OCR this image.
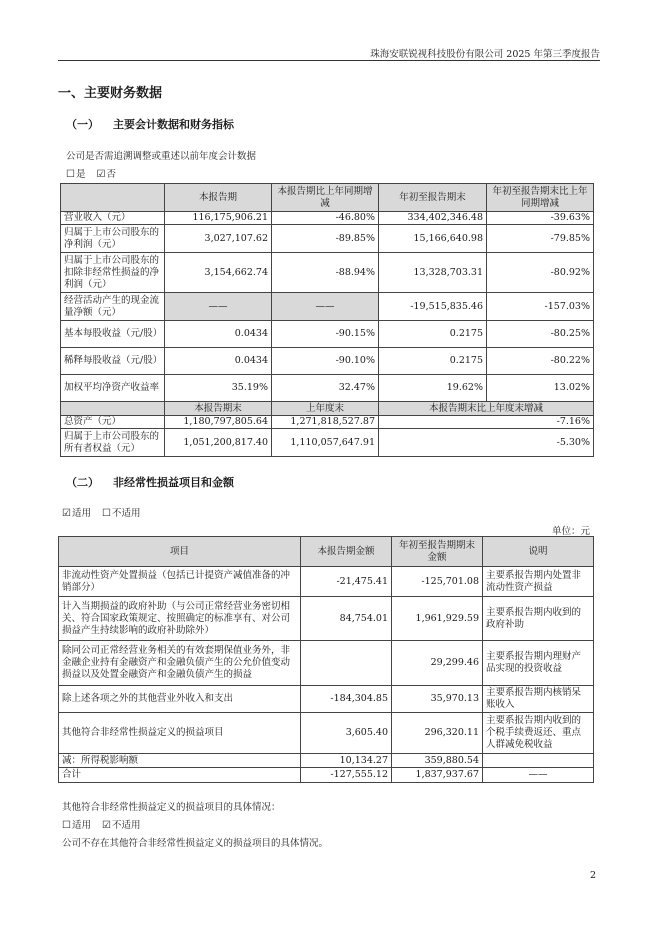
珠海安联锐视科技股份有限公司 2025 年第三季度报告
一、主要财务数据
（一） 主要会计数据和财务指标
公司是否需追溯调整或重述以前年度会计数据
☐是 ☑否
	本报告期	本报告期比上年同期增减	年初至报告期末	年初至报告期末比上年同期增减
营业收入（元）	116,175,906.21	-46.80%	334,402,346.48	-39.63%
归属于上市公司股东的净利润（元）	3,027,107.62	-89.85%	15,166,640.98	-79.85%
归属于上市公司股东的扣除非经常性损益的净利润（元）	3,154,662.74	-88.94%	13,328,703.31	-80.92%
经营活动产生的现金流量净额（元）	——	——	-19,515,835.46	-157.03%
基本每股收益（元/股）	0.0434	-90.15%	0.2175	-80.25%
稀释每股收益（元/股）	0.0434	-90.10%	0.2175	-80.22%
加权平均净资产收益率	35.19%	32.47%	19.62%	13.02%
	本报告期末	上年度末	本报告期末比上年度末增减	
总资产（元）	1,180,797,805.64	1,271,818,527.87	-7.16%	
归属于上市公司股东的所有者权益（元）	1,051,200,817.40	1,110,057,647.91	-5.30%	
（二） 非经常性损益项目和金额
☑适用 ☐不适用
单位：元
项目	本报告期金额	年初至报告期期末金额	说明
非流动性资产处置损益（包括已计提资产减值准备的冲销部分）	-21,475.41	-125,701.08	主要系报告期内处置非流动性资产损益
计入当期损益的政府补助（与公司正常经营业务密切相关、符合国家政策规定、按照确定的标准享有、对公司损益产生持续影响的政府补助除外）	84,754.01	1,961,929.59	主要系报告期内收到的政府补助
除同公司正常经营业务相关的有效套期保值业务外，非金融企业持有金融资产和金融负债产生的公允价值变动损益以及处置金融资产和金融负债产生的损益		29,299.46	主要系报告期内理财产品实现的投资收益
除上述各项之外的其他营业外收入和支出	-184,304.85	35,970.13	主要系报告期内核销呆账收入
其他符合非经常性损益定义的损益项目	3,605.40	296,320.11	主要系报告期内收到的个税手续费返还、重点人群减免税收益
减：所得税影响额	10,134.27	359,880.54	
合计	-127,555.12	1,837,937.67	——
其他符合非经常性损益定义的损益项目的具体情况：
☐适用 ☑不适用
公司不存在其他符合非经常性损益定义的损益项目的具体情况。
2
